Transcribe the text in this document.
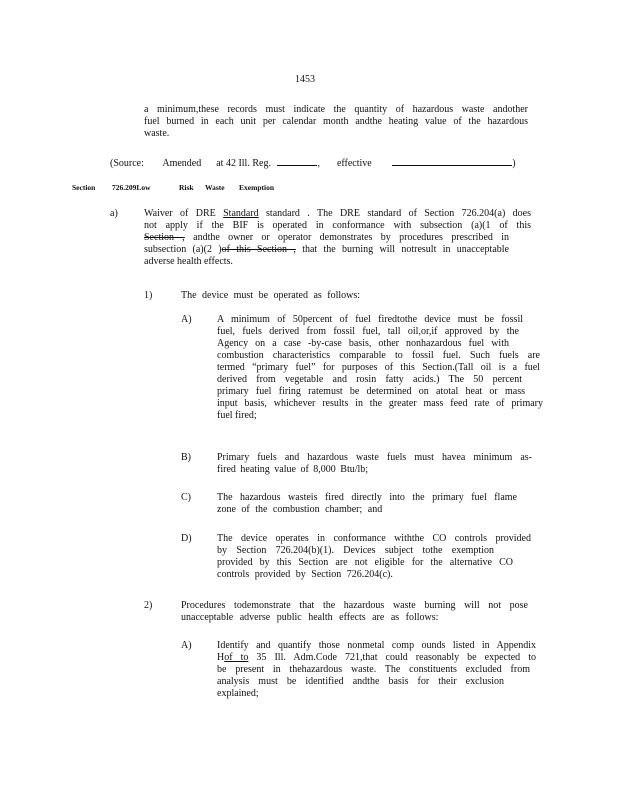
1453
a minimum,these records must indicate the quantity of hazardous waste andother
fuel burned in each unit per calendar month andthe heating value of the hazardous
waste.
(Source: Amended at 42 Ill. Reg.	, effective	)
Section 726.209Low	Risk Waste Exemption
a)	Waiver of DRE Standard standard . The DRE standard of Section 726.204(a) does
not apply if the BIF is operated in conformance with subsection (a)(1 of this
Section , andthe owner or operator demonstrates by procedures prescribed in
subsection (a)(2 )of this Section , that the burning will notresult in unacceptable
adverse health effects.
1)	The device must be operated as follows:
A)	A minimum of 50percent of fuel firedtothe device must be fossil
fuel, fuels derived from fossil fuel, tall oil,or,if approved by the
Agency on a case -by-case basis, other nonhazardous fuel with
combustion characteristics comparable to fossil fuel. Such fuels are
termed “primary fuel” for purposes of this Section.(Tall oil is a fuel
derived from vegetable and rosin fatty acids.) The 50 percent
primary fuel firing ratemust be determined on atotal heat or mass
input basis, whichever results in the greater mass feed rate of primary
fuel fired;
B)	Primary fuels and hazardous waste fuels must havea minimum as-
fired heating value of 8,000 Btu/lb;
C)	The hazardous wasteis fired directly into the primary fuel flame
zone of the combustion chamber; and
D)	The device operates in conformance withthe CO controls provided
by Section 726.204(b)(1). Devices subject tothe exemption
provided by this Section are not eligible for the alternative CO
controls provided by Section 726.204(c).
2)	Procedures todemonstrate that the hazardous waste burning will not pose
unacceptable adverse public health effects are as follows:
A)	Identify and quantify those nonmetal comp ounds listed in Appendix
Hof to 35 Ill. Adm.Code 721,that could reasonably be expected to
be present in thehazardous waste. The constituents excluded from
analysis must be identified andthe basis for their exclusion
explained;
